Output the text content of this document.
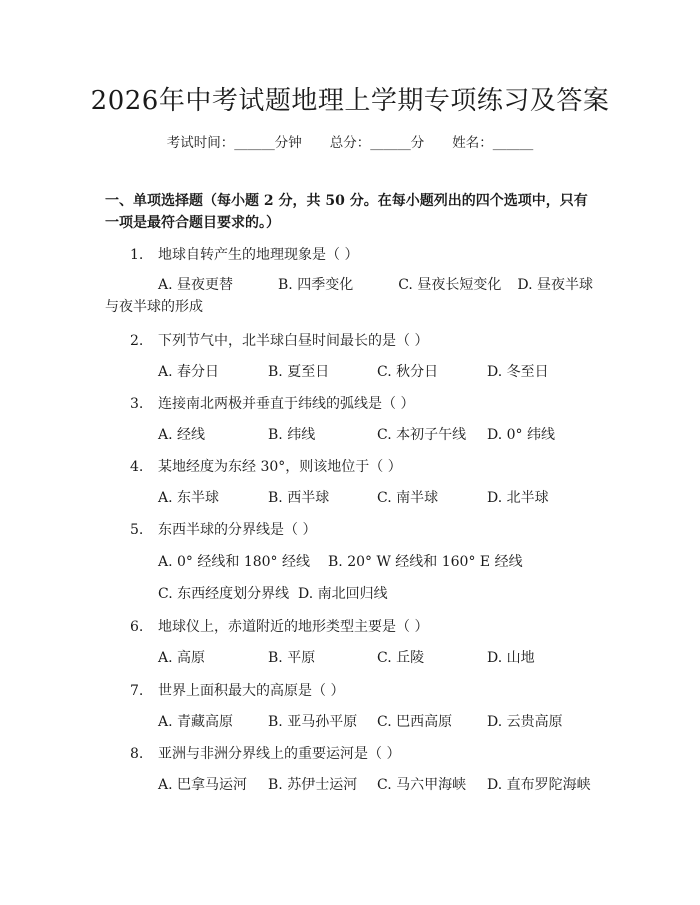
2026年中考试题地理上学期专项练习及答案
考试时间：______分钟 总分：______分 姓名：______
一、单项选择题（每小题 2 分，共 50 分。在每小题列出的四个选项中，只有一项是最符合题目要求的。）
1. 地球自转产生的地理现象是（ ）
A. 昼夜更替	B. 四季变化	C. 昼夜长短变化 D. 昼夜半球与夜半球的形成
2. 下列节气中，北半球白昼时间最长的是（ ）
A. 春分日	B. 夏至日	C. 秋分日	D. 冬至日
3. 连接南北两极并垂直于纬线的弧线是（ ）
A. 经线	B. 纬线	C. 本初子午线 D. 0° 纬线
4. 某地经度为东经 30°，则该地位于（ ）
A. 东半球	B. 西半球	C. 南半球	D. 北半球
5. 东西半球的分界线是（ ）
A. 0° 经线和 180° 经线 B. 20° W 经线和 160° E 经线
C. 东西经度划分界线 D. 南北回归线
6. 地球仪上，赤道附近的地形类型主要是（ ）
A. 高原	B. 平原	C. 丘陵	D. 山地
7. 世界上面积最大的高原是（ ）
A. 青藏高原 B. 亚马孙平原 C. 巴西高原 D. 云贵高原
8. 亚洲与非洲分界线上的重要运河是（ ）
A. 巴拿马运河 B. 苏伊士运河 C. 马六甲海峡 D. 直布罗陀海峡
